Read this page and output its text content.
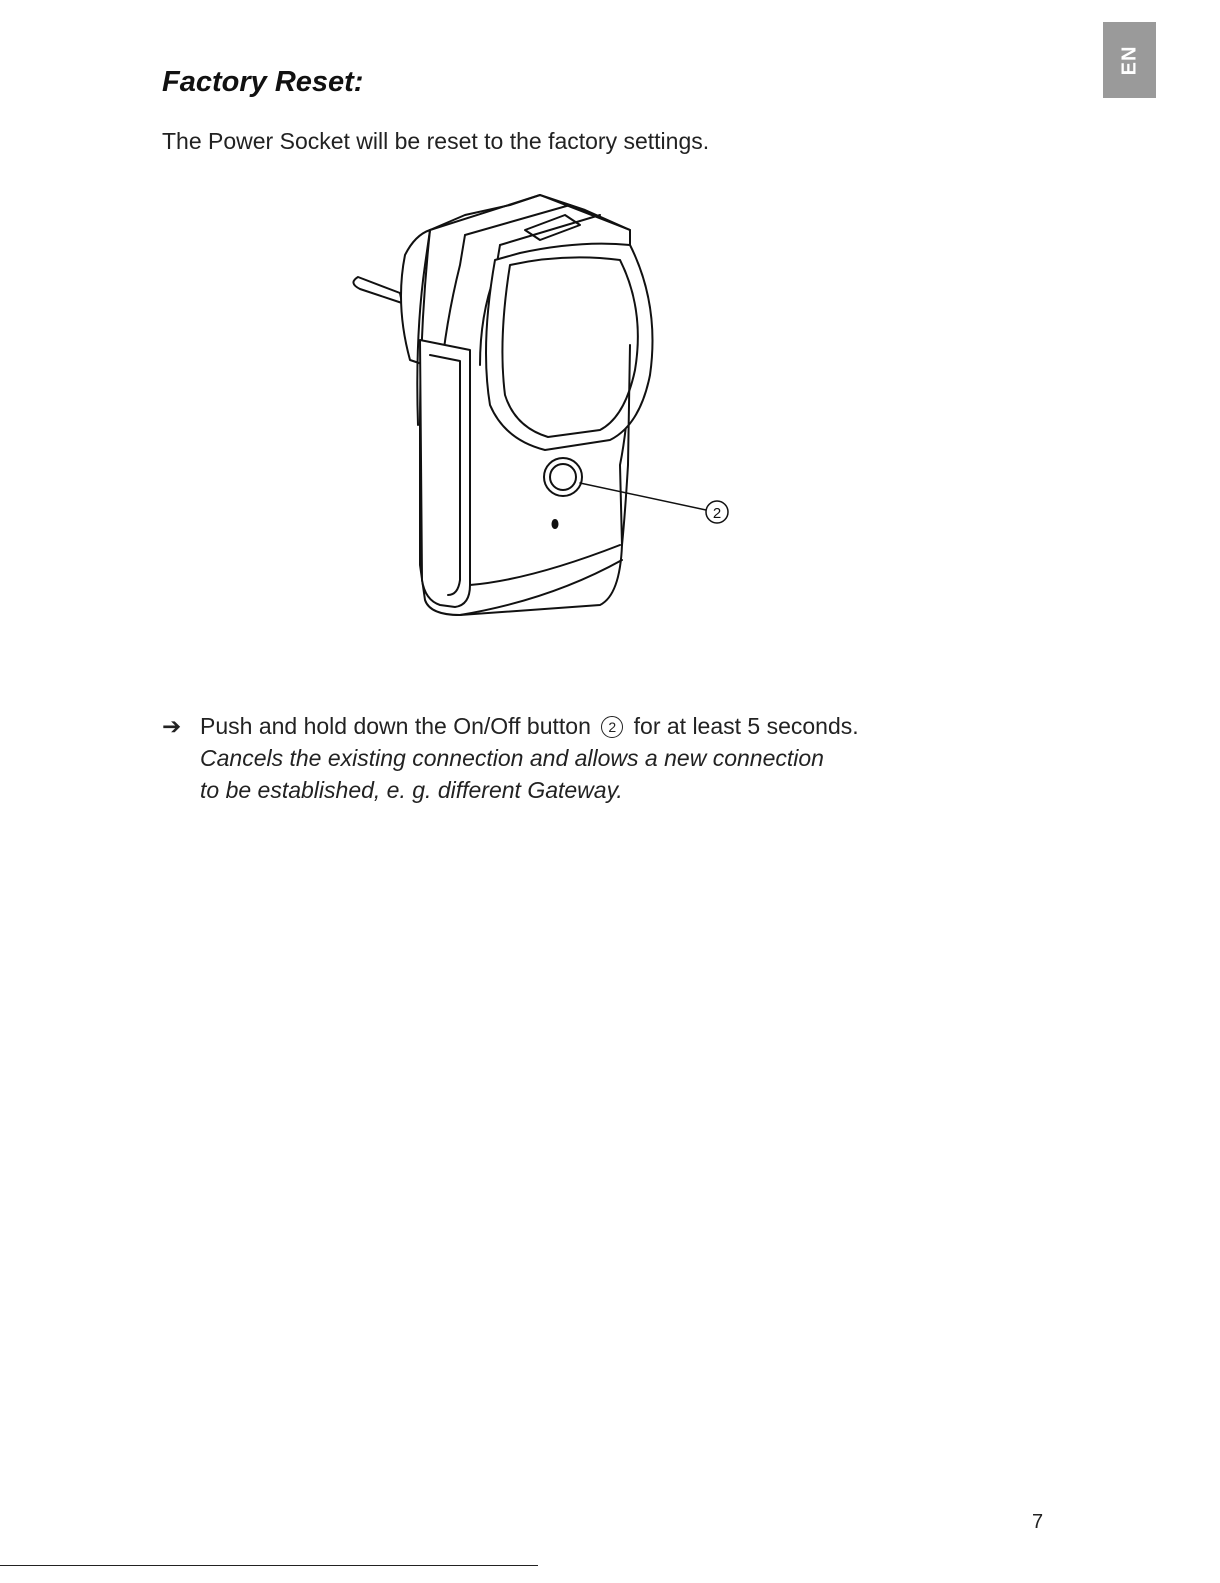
EN
Factory Reset:

The Power Socket will be reset to the factory settings.

2
➔ Push and hold down the On/Off button 2 for at least 5 seconds.
Cancels the existing connection and allows a new connection
to be established, e. g. different Gateway.
7
